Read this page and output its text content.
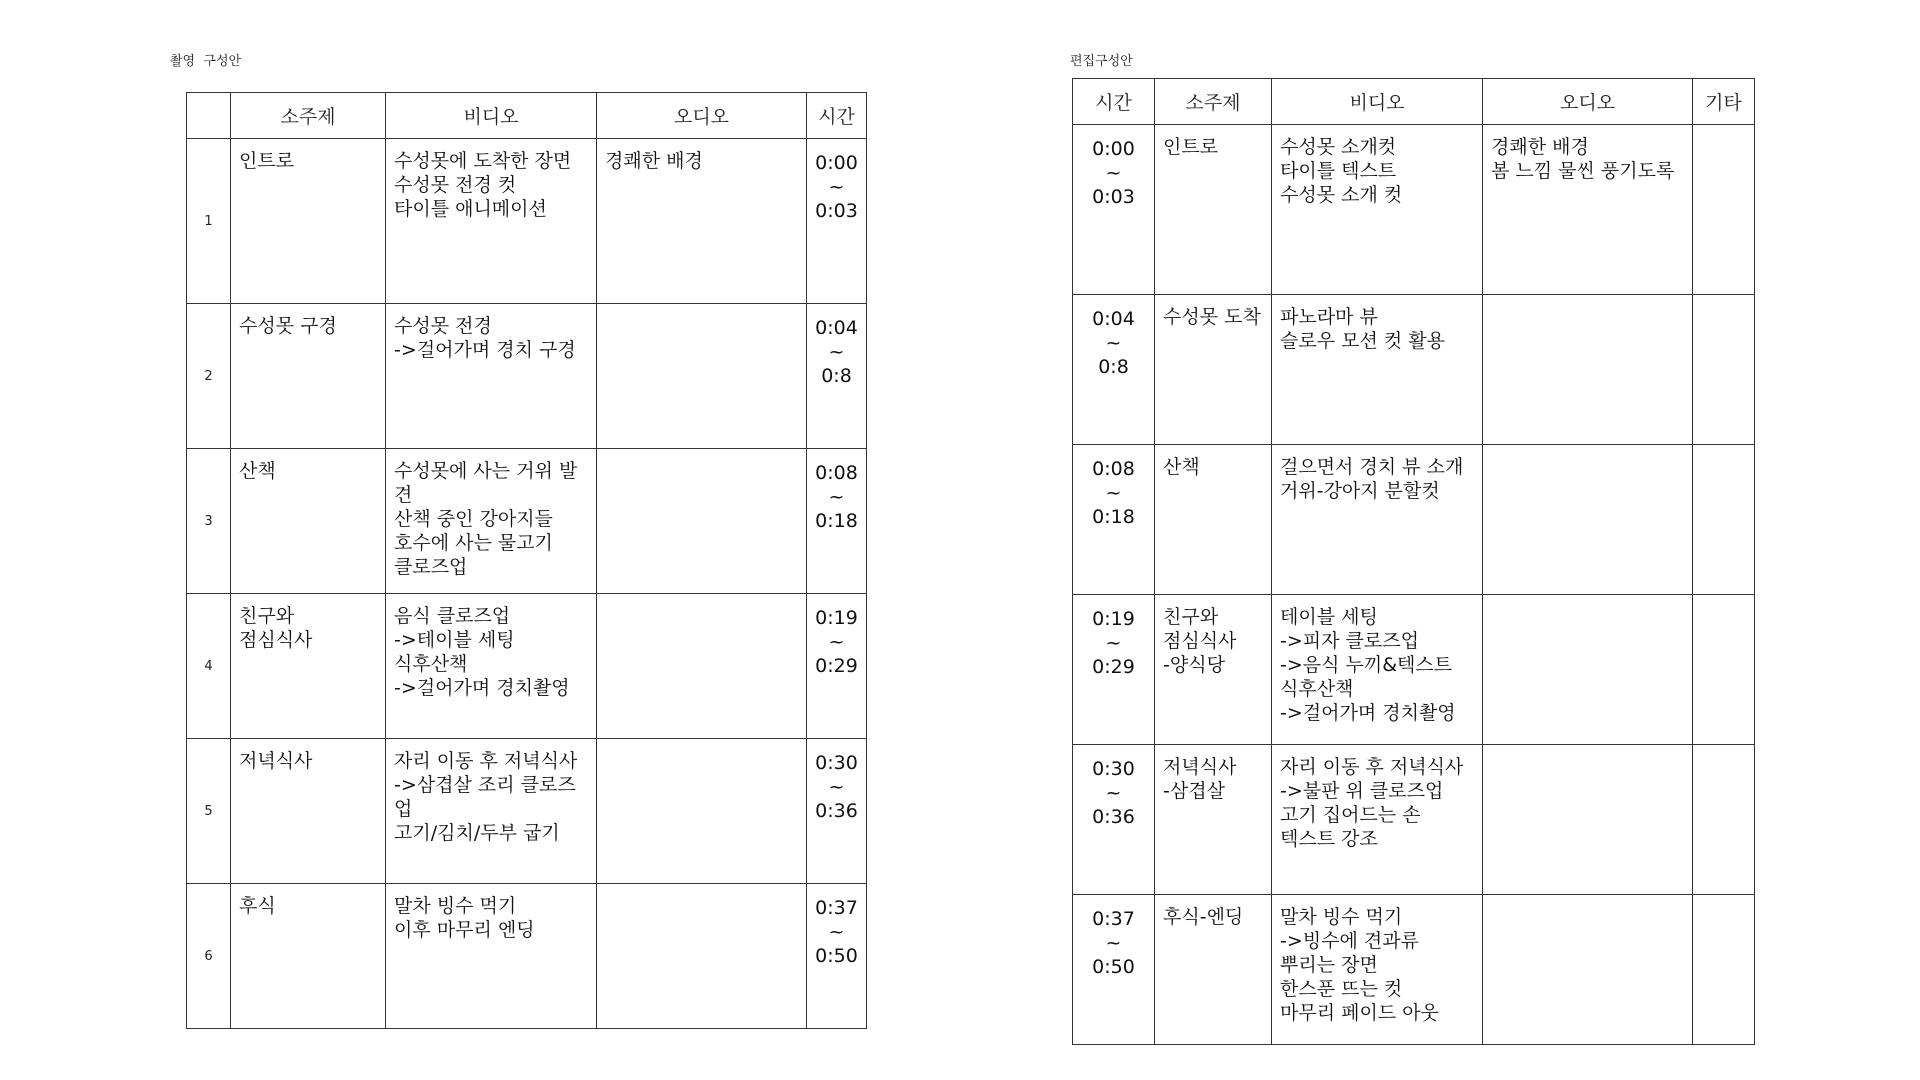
촬영  구성안	편집구성안
	소주제	비디오	오디오	시간
1	인트로	수성못에 도착한 장면
수성못 전경 컷
타이틀 애니메이션	경쾌한 배경	0:00
~
0:03

2	수성못 구경	수성못 전경
->걸어가며 경치 구경		0:04
~
0:8

3	산책	수성못에 사는 거위 발견
산책 중인 강아지들
호수에 사는 물고기
클로즈업		0:08
~
0:18

4	친구와
점심식사	음식 클로즈업
->테이블 세팅
식후산책
->걸어가며 경치촬영		0:19
~
0:29

5	저녁식사	자리 이동 후 저녁식사
->삼겹살 조리 클로즈업
고기/김치/두부 굽기		0:30
~
0:36

6	후식	말차 빙수 먹기
이후 마무리 엔딩		0:37
~
0:50
시간	소주제	비디오	오디오	기타

0:00
~
0:03	인트로	수성못 소개컷
타이틀 텍스트
수성못 소개 컷	경쾌한 배경
봄 느낌 물씬 풍기도록	

0:04
~
0:8	수성못 도착	파노라마 뷰
슬로우 모션 컷 활용		

0:08
~
0:18	산책	걸으면서 경치 뷰 소개
거위-강아지 분할컷		

0:19
~
0:29	친구와
점심식사
-양식당	테이블 세팅
->피자 클로즈업
->음식 누끼&텍스트
식후산책
->걸어가며 경치촬영		

0:30
~
0:36	저녁식사
-삼겹살	자리 이동 후 저녁식사
->불판 위 클로즈업
고기 집어드는 손
텍스트 강조		

0:37
~
0:50	후식-엔딩	말차 빙수 먹기
->빙수에 견과류
뿌리는 장면
한스푼 뜨는 컷
마무리 페이드 아웃		
